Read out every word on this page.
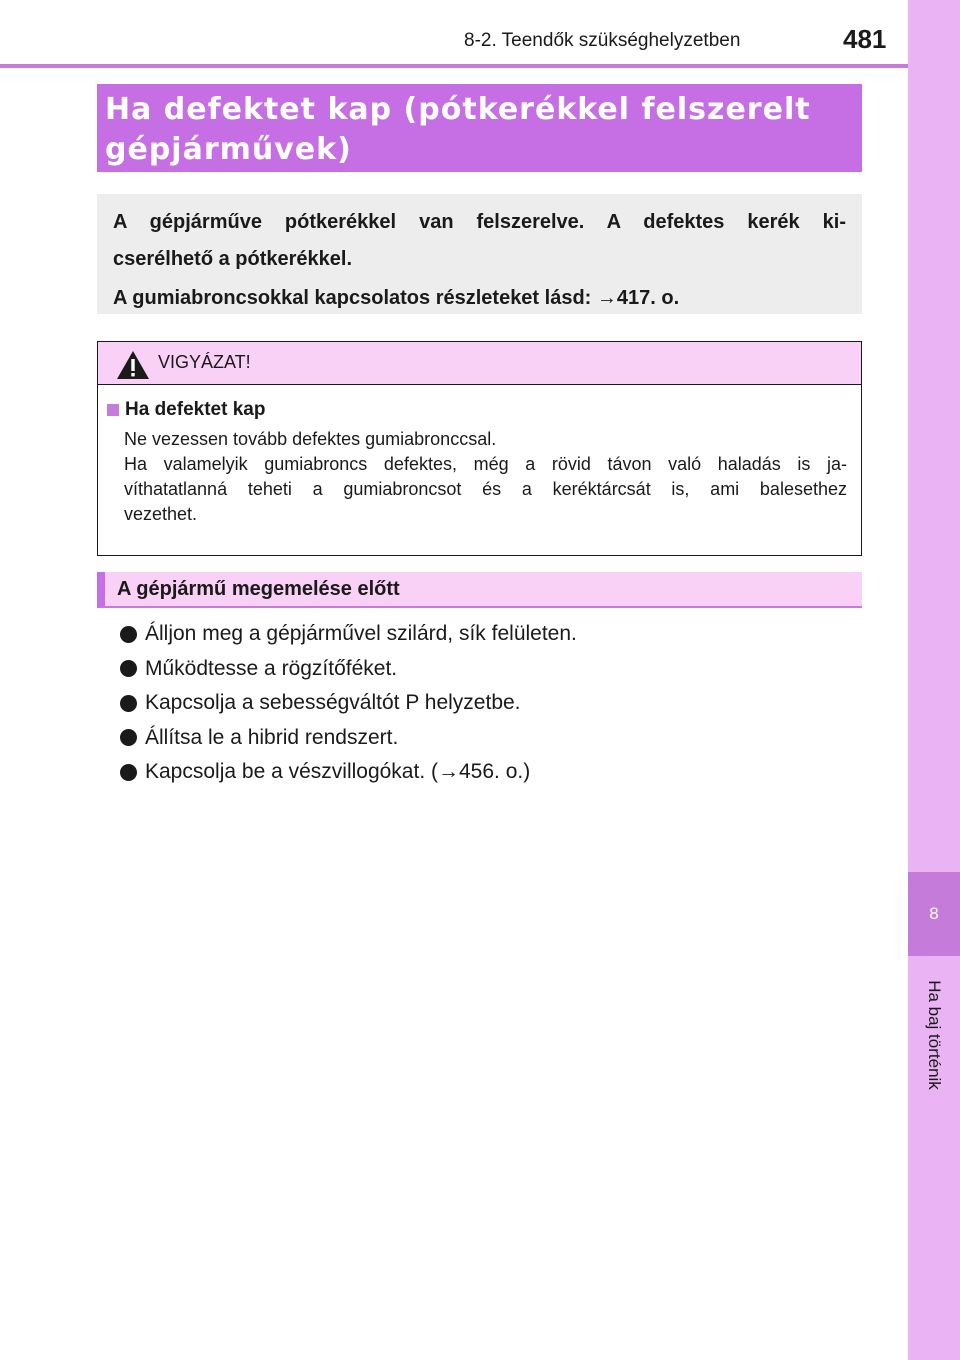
8
Ha baj történik
8-2. Teendők szükséghelyzetben	481
Ha defektet kap (pótkerékkel felszerelt
gépjárművek)
A gépjárműve pótkerékkel van felszerelve. A defektes kerék ki-
cserélhető a pótkerékkel.
A gumiabroncsokkal kapcsolatos részleteket lásd: →417. o.
VIGYÁZAT!
Ha defektet kap
Ne vezessen tovább defektes gumiabronccsal.
Ha valamelyik gumiabroncs defektes, még a rövid távon való haladás is ja-
víthatatlanná teheti a gumiabroncsot és a keréktárcsát is, ami balesethez
vezethet.
A gépjármű megemelése előtt
Álljon meg a gépjárművel szilárd, sík felületen.
Működtesse a rögzítőféket.
Kapcsolja a sebességváltót P helyzetbe.
Állítsa le a hibrid rendszert.
Kapcsolja be a vészvillogókat. (→456. o.)
